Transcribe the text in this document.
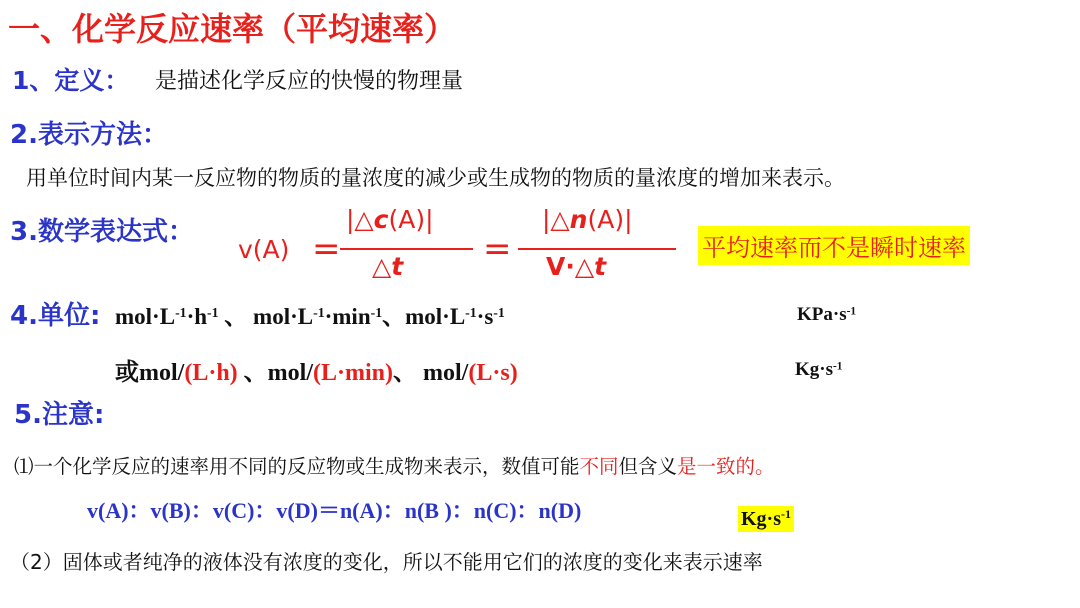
一、化学反应速率（平均速率）
1、定义： 是描述化学反应的快慢的物理量
2.表示方法：
用单位时间内某一反应物的物质的量浓度的减少或生成物的物质的量浓度的增加来表示。
3.数学表达式：
v(A) =
|△c(A)|
△t =
|△n(A)|
V·△t
平均速率而不是瞬时速率
4.单位: $mol\cdot L^{-1}\cdot h^{-1}$ 、 $mol\cdot L^{-1}\cdot\min^{-1}$、$mol\cdot L^{-1}\cdot s^{-1}$	$KPa\cdot s^{-1}$
或mol/(L·h) 、mol/(L·min)、 mol/(L·s)	$Kg\cdot s^{-1}$
5.注意:
⑴一个化学反应的速率用不同的反应物或生成物来表示，数值可能不同但含义是一致的。
v(A)：v(B)：v(C)：v(D)＝n(A)：n(B )：n(C)：n(D)	$Kg\cdot s^{-1}$
（2）固体或者纯净的液体没有浓度的变化，所以不能用它们的浓度的变化来表示速率
